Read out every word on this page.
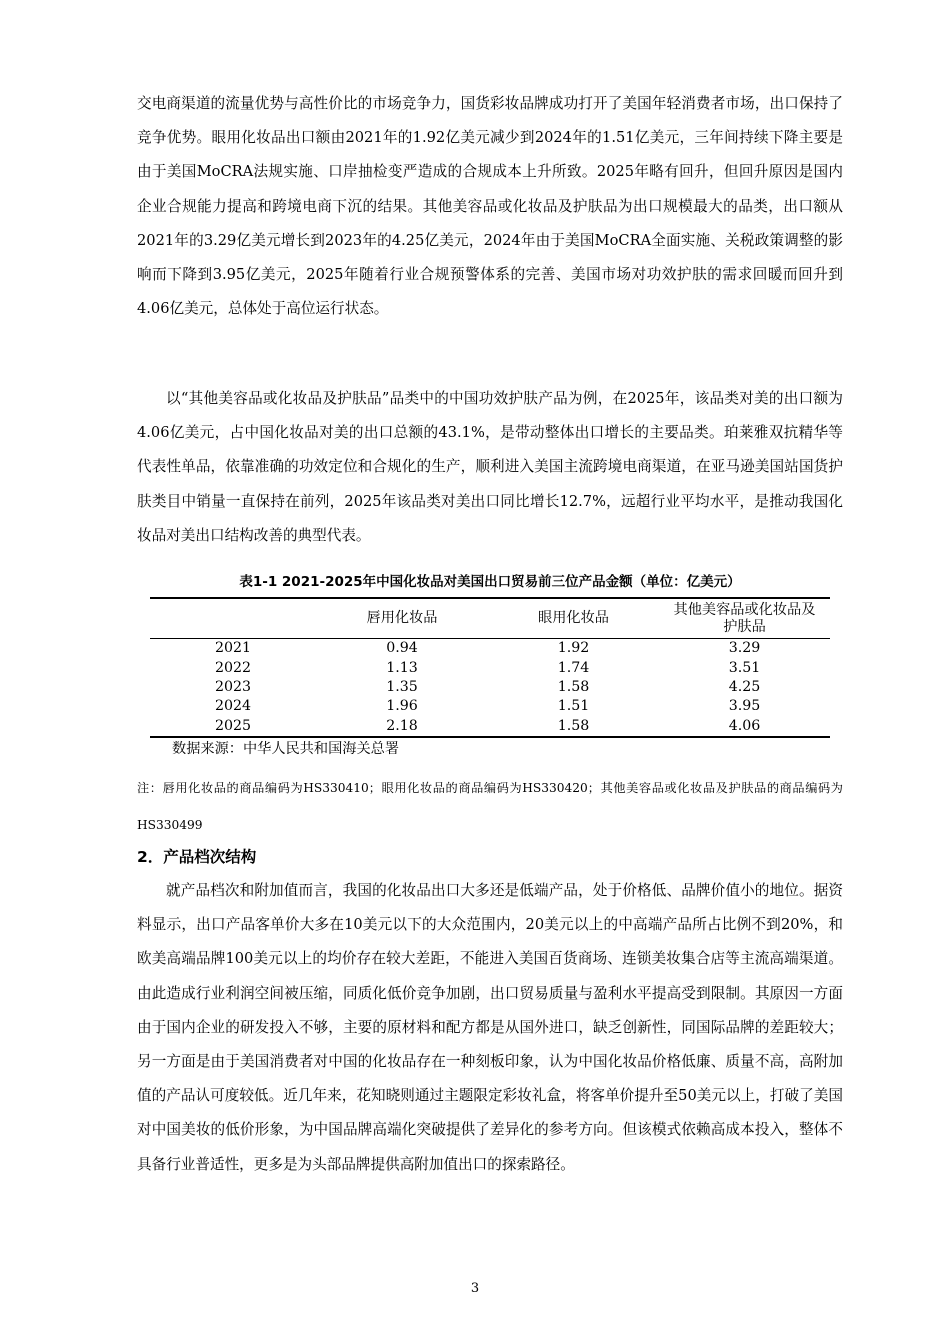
交电商渠道的流量优势与高性价比的市场竞争力，国货彩妆品牌成功打开了美国年轻消费者市场，出口保持了竞争优势。眼用化妆品出口额由2021年的1.92亿美元减少到2024年的1.51亿美元，三年间持续下降主要是由于美国MoCRA法规实施、口岸抽检变严造成的合规成本上升所致。2025年略有回升，但回升原因是国内企业合规能力提高和跨境电商下沉的结果。其他美容品或化妆品及护肤品为出口规模最大的品类，出口额从2021年的3.29亿美元增长到2023年的4.25亿美元，2024年由于美国MoCRA全面实施、关税政策调整的影响而下降到3.95亿美元，2025年随着行业合规预警体系的完善、美国市场对功效护肤的需求回暖而回升到4.06亿美元，总体处于高位运行状态。

以“其他美容品或化妆品及护肤品”品类中的中国功效护肤产品为例，在2025年，该品类对美的出口额为4.06亿美元，占中国化妆品对美的出口总额的43.1%，是带动整体出口增长的主要品类。珀莱雅双抗精华等代表性单品，依靠准确的功效定位和合规化的生产，顺利进入美国主流跨境电商渠道，在亚马逊美国站国货护肤类目中销量一直保持在前列，2025年该品类对美出口同比增长12.7%，远超行业平均水平，是推动我国化妆品对美出口结构改善的典型代表。

表1-1 2021-2025年中国化妆品对美国出口贸易前三位产品金额（单位：亿美元）
	唇用化妆品	眼用化妆品	其他美容品或化妆品及护肤品
2021	0.94	1.92	3.29
2022	1.13	1.74	3.51
2023	1.35	1.58	4.25
2024	1.96	1.51	3.95
2025	2.18	1.58	4.06

数据来源：中华人民共和国海关总署

注：唇用化妆品的商品编码为HS330410；眼用化妆品的商品编码为HS330420；其他美容品或化妆品及护肤品的商品编码为HS330499

2．产品档次结构

就产品档次和附加值而言，我国的化妆品出口大多还是低端产品，处于价格低、品牌价值小的地位。据资料显示，出口产品客单价大多在10美元以下的大众范围内，20美元以上的中高端产品所占比例不到20%，和欧美高端品牌100美元以上的均价存在较大差距，不能进入美国百货商场、连锁美妆集合店等主流高端渠道。由此造成行业利润空间被压缩，同质化低价竞争加剧，出口贸易质量与盈利水平提高受到限制。其原因一方面由于国内企业的研发投入不够，主要的原材料和配方都是从国外进口，缺乏创新性，同国际品牌的差距较大；另一方面是由于美国消费者对中国的化妆品存在一种刻板印象，认为中国化妆品价格低廉、质量不高，高附加值的产品认可度较低。近几年来，花知晓则通过主题限定彩妆礼盒，将客单价提升至50美元以上，打破了美国对中国美妆的低价形象，为中国品牌高端化突破提供了差异化的参考方向。但该模式依赖高成本投入，整体不具备行业普适性，更多是为头部品牌提供高附加值出口的探索路径。

3
